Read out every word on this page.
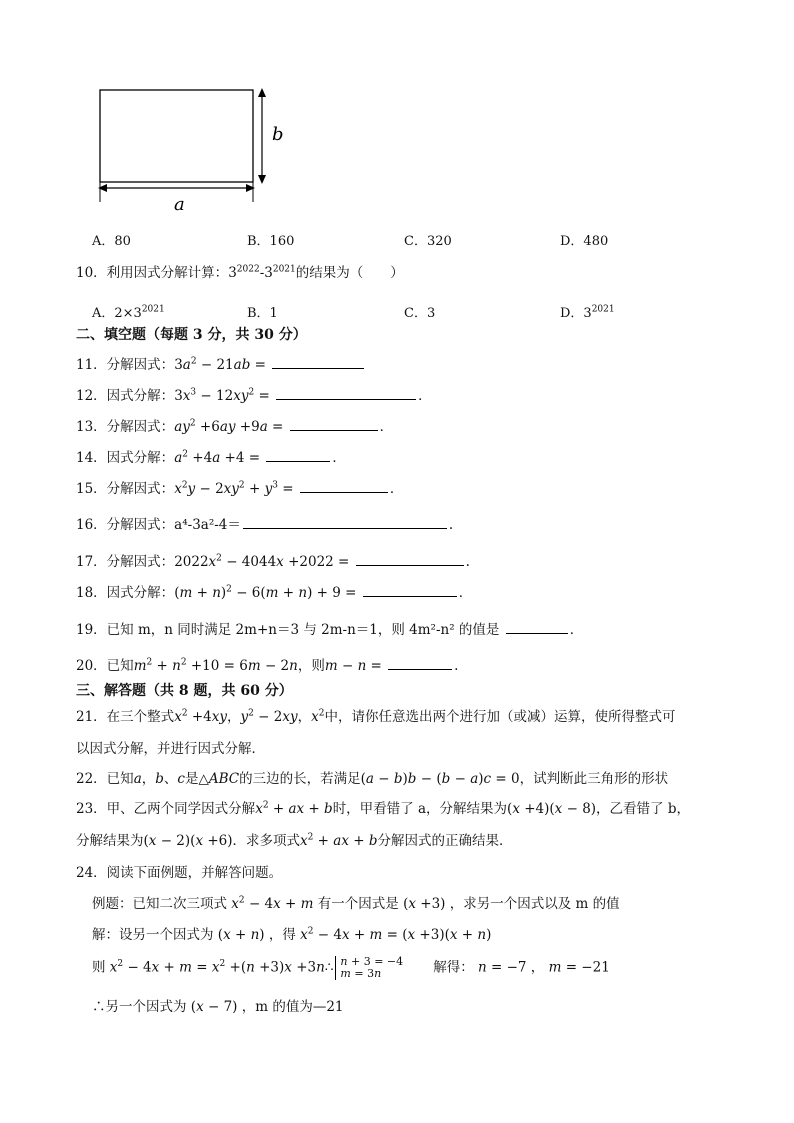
b
a
A．80	B．160	C．320	D．480
10．利用因式分解计算：$3^{2022}-3^{2021}$的结果为（　　）
A．$2\times 3^{2021}$	B．1	C．3	D．$3^{2021}$
二、填空题（每题 3 分，共 30 分）
11．分解因式：$3a^2 - 21ab$ =
12．因式分解：$3x^3 - 12xy^2$ =	．
13．分解因式：$ay^2 +6ay +9a$ =	．
14．因式分解：$a^2 +4a +4$ =	．
15．分解因式：$x^2y - 2xy^2 + y^3$ =	．
16．分解因式：a⁴-3a²-4＝	.
17．分解因式：$2022x^2 - 4044x +2022$ =	.
18．因式分解：$(m + n)^2 - 6(m + n) + 9$ =	．
19．已知 m，n 同时满足 2m+n＝3 与 2m-n＝1，则 4m²-n² 的值是	．
20．已知$m^2 + n^2 +10 = 6m - 2n$，则m − n =	.
三、解答题（共 8 题，共 60 分）
21．在三个整式$x^2 +4xy$，$y^2 - 2xy$，$x^2$中，请你任意选出两个进行加（或减）运算，使所得整式可
以因式分解，并进行因式分解．
22．已知a，b、c是△ABC的三边的长，若满足(a − b)b − (b − a)c = 0，试判断此三角形的形状
23．甲、乙两个同学因式分解$x^2$ + ax + b时，甲看错了 a，分解结果为(x +4)(x − 8)，乙看错了 b，
分解结果为(x − 2)(x +6)．求多项式$x^2$ + ax + b分解因式的正确结果．
24．阅读下面例题，并解答问题。
例题：已知二次三项式 $x^2 - 4x + m$ 有一个因式是 (x +3) ，求另一个因式以及 m 的值
解：设另一个因式为 (x + n) ，得 $x^2 - 4x + m = (x +3)(x + n)$
则 $x^2 - 4x + m = x^2 +(n +3)x$ +3n∴ n + 3 = −4
m = 3n	解得： n = −7 ， m = −21
∴另一个因式为 (x − 7) ，m 的值为—21
